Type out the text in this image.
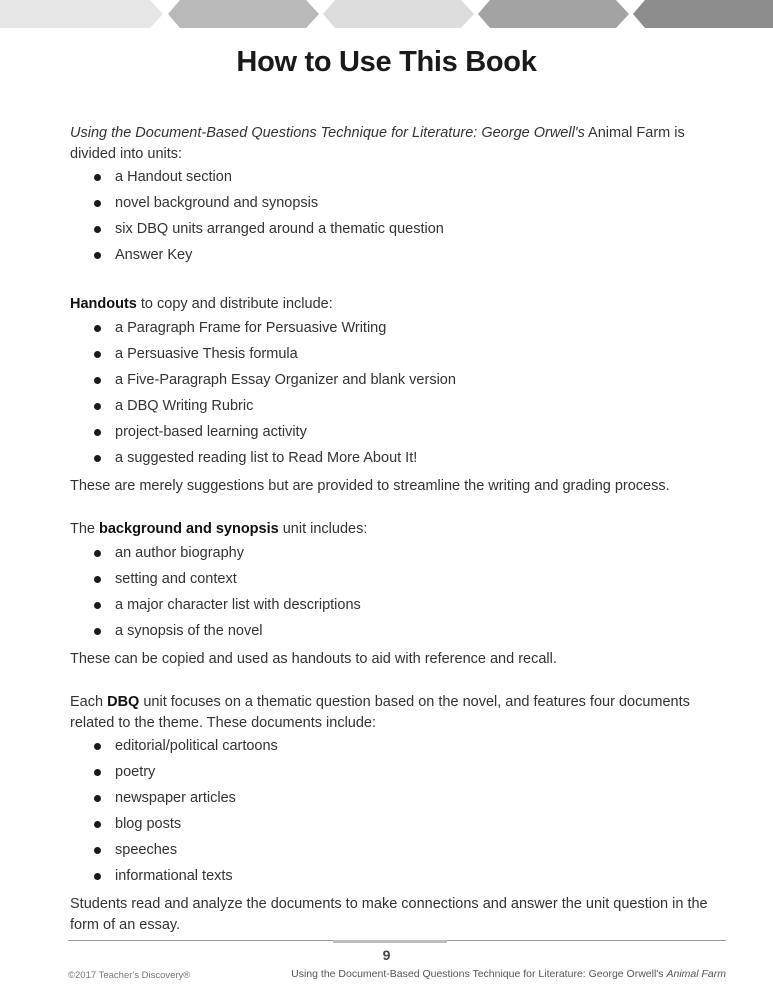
How to Use This Book

Using the Document-Based Questions Technique for Literature: George Orwell's Animal Farm is divided into units:

a Handout section
novel background and synopsis
six DBQ units arranged around a thematic question
Answer Key

Handouts to copy and distribute include:

a Paragraph Frame for Persuasive Writing
a Persuasive Thesis formula
a Five-Paragraph Essay Organizer and blank version
a DBQ Writing Rubric
project-based learning activity
a suggested reading list to Read More About It!

These are merely suggestions but are provided to streamline the writing and grading process.

The background and synopsis unit includes:

an author biography
setting and context
a major character list with descriptions
a synopsis of the novel

These can be copied and used as handouts to aid with reference and recall.

Each DBQ unit focuses on a thematic question based on the novel, and features four documents related to the theme. These documents include:

editorial/political cartoons
poetry
newspaper articles
blog posts
speeches
informational texts

Students read and analyze the documents to make connections and answer the unit question in the form of an essay.

9
©2017 Teacher's Discovery®	Using the Document-Based Questions Technique for Literature: George Orwell's Animal Farm
